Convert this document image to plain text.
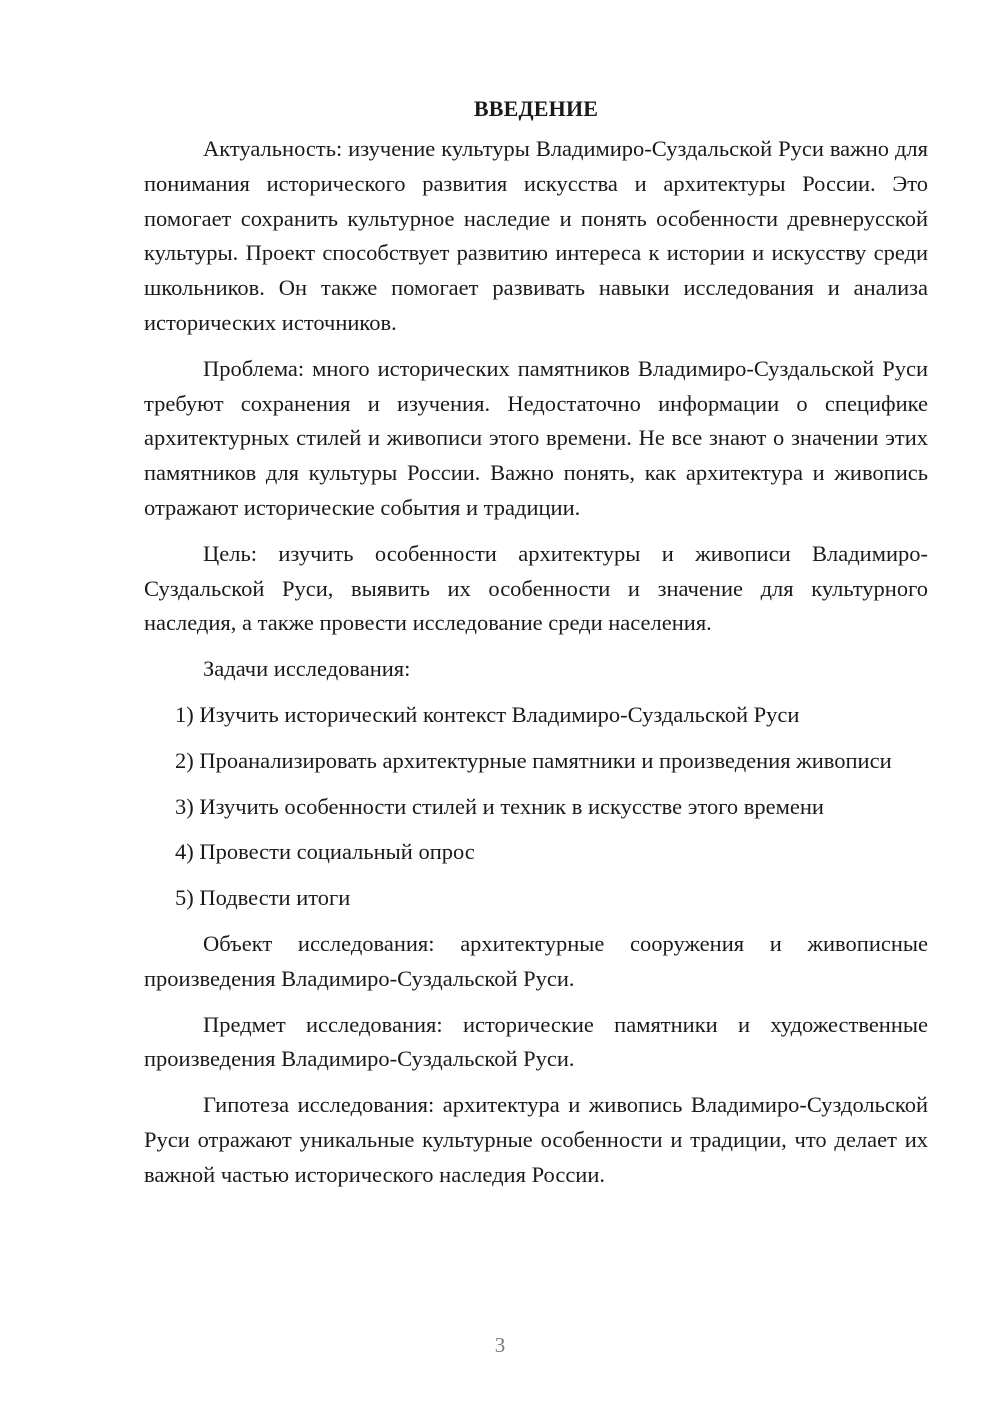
ВВЕДЕНИЕ

Актуальность: изучение культуры Владимиро-Суздальской Руси важно для понимания исторического развития искусства и архитектуры России. Это помогает сохранить культурное наследие и понять особенности древнерусской культуры. Проект способствует развитию интереса к истории и искусству среди школьников. Он также помогает развивать навыки исследования и анализа исторических источников.

Проблема: много исторических памятников Владимиро-Суздальской Руси требуют сохранения и изучения. Недостаточно информации о специфике архитектурных стилей и живописи этого времени. Не все знают о значении этих памятников для культуры России. Важно понять, как архитектура и живопись отражают исторические события и традиции.

Цель: изучить особенности архитектуры и живописи Владимиро-Суздальской Руси, выявить их особенности и значение для культурного наследия, а также провести исследование среди населения.

Задачи исследования:

1) Изучить исторический контекст Владимиро-Суздальской Руси

2) Проанализировать архитектурные памятники и произведения живописи

3) Изучить особенности стилей и техник в искусстве этого времени

4) Провести социальный опрос

5) Подвести итоги

Объект исследования: архитектурные сооружения и живописные произведения Владимиро-Суздальской Руси.

Предмет исследования: исторические памятники и художественные произведения Владимиро-Суздальской Руси.

Гипотеза исследования: архитектура и живопись Владимиро-Суздольской Руси отражают уникальные культурные особенности и традиции, что делает их важной частью исторического наследия России.

3
